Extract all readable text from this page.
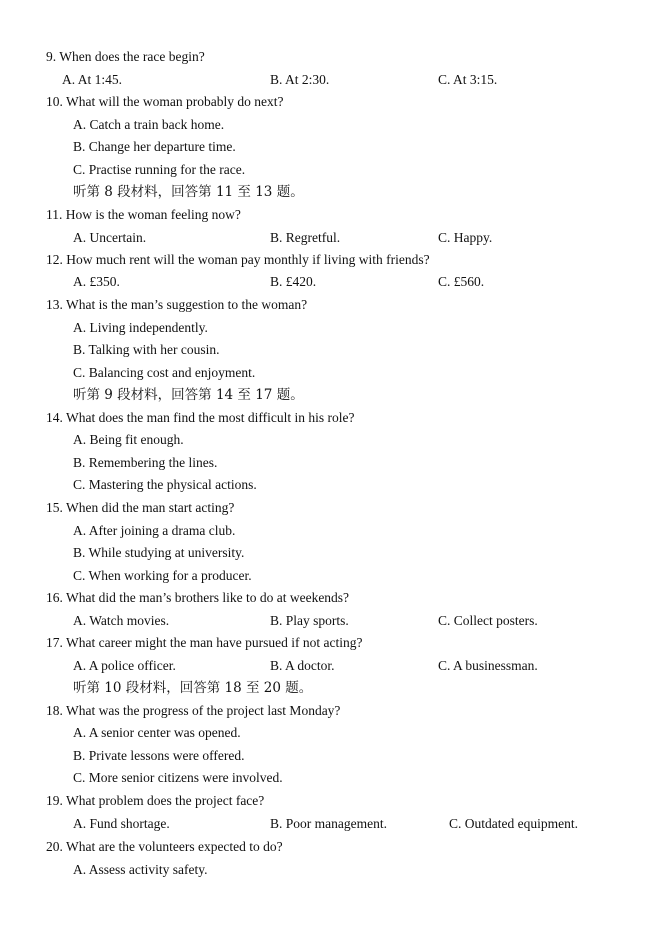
9. When does the race begin?
A. At 1:45.	B. At 2:30.	C. At 3:15.
10. What will the woman probably do next?
A. Catch a train back home.
B. Change her departure time.
C. Practise running for the race.
听第 8 段材料，回答第 11 至 13 题。
11. How is the woman feeling now?
A. Uncertain.	B. Regretful.	C. Happy.
12. How much rent will the woman pay monthly if living with friends?
A. £350.	B. £420.	C. £560.
13. What is the man’s suggestion to the woman?
A. Living independently.
B. Talking with her cousin.
C. Balancing cost and enjoyment.
听第 9 段材料，回答第 14 至 17 题。
14. What does the man find the most difficult in his role?
A. Being fit enough.
B. Remembering the lines.
C. Mastering the physical actions.
15. When did the man start acting?
A. After joining a drama club.
B. While studying at university.
C. When working for a producer.
16. What did the man’s brothers like to do at weekends?
A. Watch movies.	B. Play sports.	C. Collect posters.
17. What career might the man have pursued if not acting?
A. A police officer.	B. A doctor.	C. A businessman.
听第 10 段材料，回答第 18 至 20 题。
18. What was the progress of the project last Monday?
A. A senior center was opened.
B. Private lessons were offered.
C. More senior citizens were involved.
19. What problem does the project face?
A. Fund shortage.	B. Poor management.	C. Outdated equipment.
20. What are the volunteers expected to do?
A. Assess activity safety.
